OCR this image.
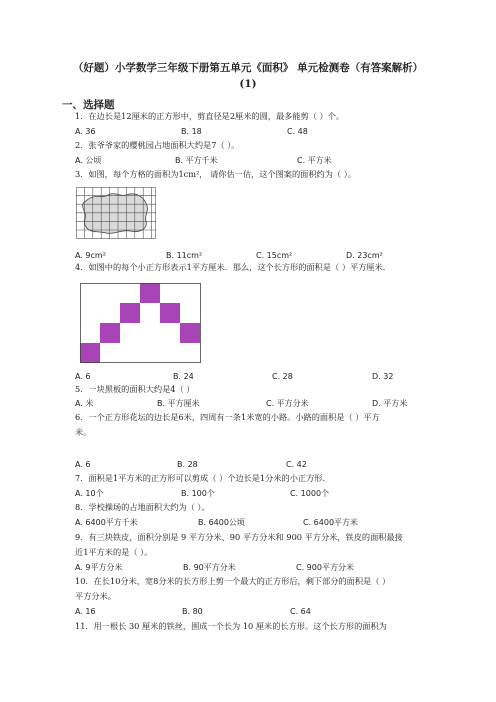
（好题）小学数学三年级下册第五单元《面积》 单元检测卷（有答案解析）
(1)
一、选择题
1．在边长是12厘米的正方形中，剪直径是2厘米的圆，最多能剪（ ）个。
A. 36	B. 18	C. 48
2．张爷爷家的樱桃园占地面积大约是7（ ）。
A. 公顷	B. 平方千米	C. 平方米
3．如图，每个方格的面积为1cm²， 请你估一估，这个图案的面积约为（ ）。
A. 9cm²	B. 11cm²	C. 15cm²	D. 23cm²
4．如图中的每个小正方形表示1平方厘米．那么，这个长方形的面积是（ ）平方厘米.
A. 6	B. 24	C. 28	D. 32
5．一块黑板的面积大约是4（ ）
A. 米	B. 平方厘米	C. 平方分米	D. 平方米
6．一个正方形花坛的边长是6米，四周有一条1米宽的小路。小路的面积是（ ）平方
米。
A. 6	B. 28	C. 42
7．面积是1平方米的正方形可以剪成（ ）个边长是1分米的小正方形.
A. 10个	B. 100个	C. 1000个
8．学校操场的占地面积大约为（ ）。
A. 6400平方千米	B. 6400公顷	C. 6400平方米
9．有三块铁皮，面积分别是 9 平方分米、90 平方分米和 900 平方分米，铁皮的面积最接
近1平方米的是（ ）。
A. 9平方分米	B. 90平方分米	C. 900平方分米
10．在长10分米，宽8分米的长方形上剪一个最大的正方形后，剩下部分的面积是（ ）
平方分米。
A. 16	B. 80	C. 64
11．用一根长 30 厘米的铁丝，围成一个长为 10 厘米的长方形。这个长方形的面积为
